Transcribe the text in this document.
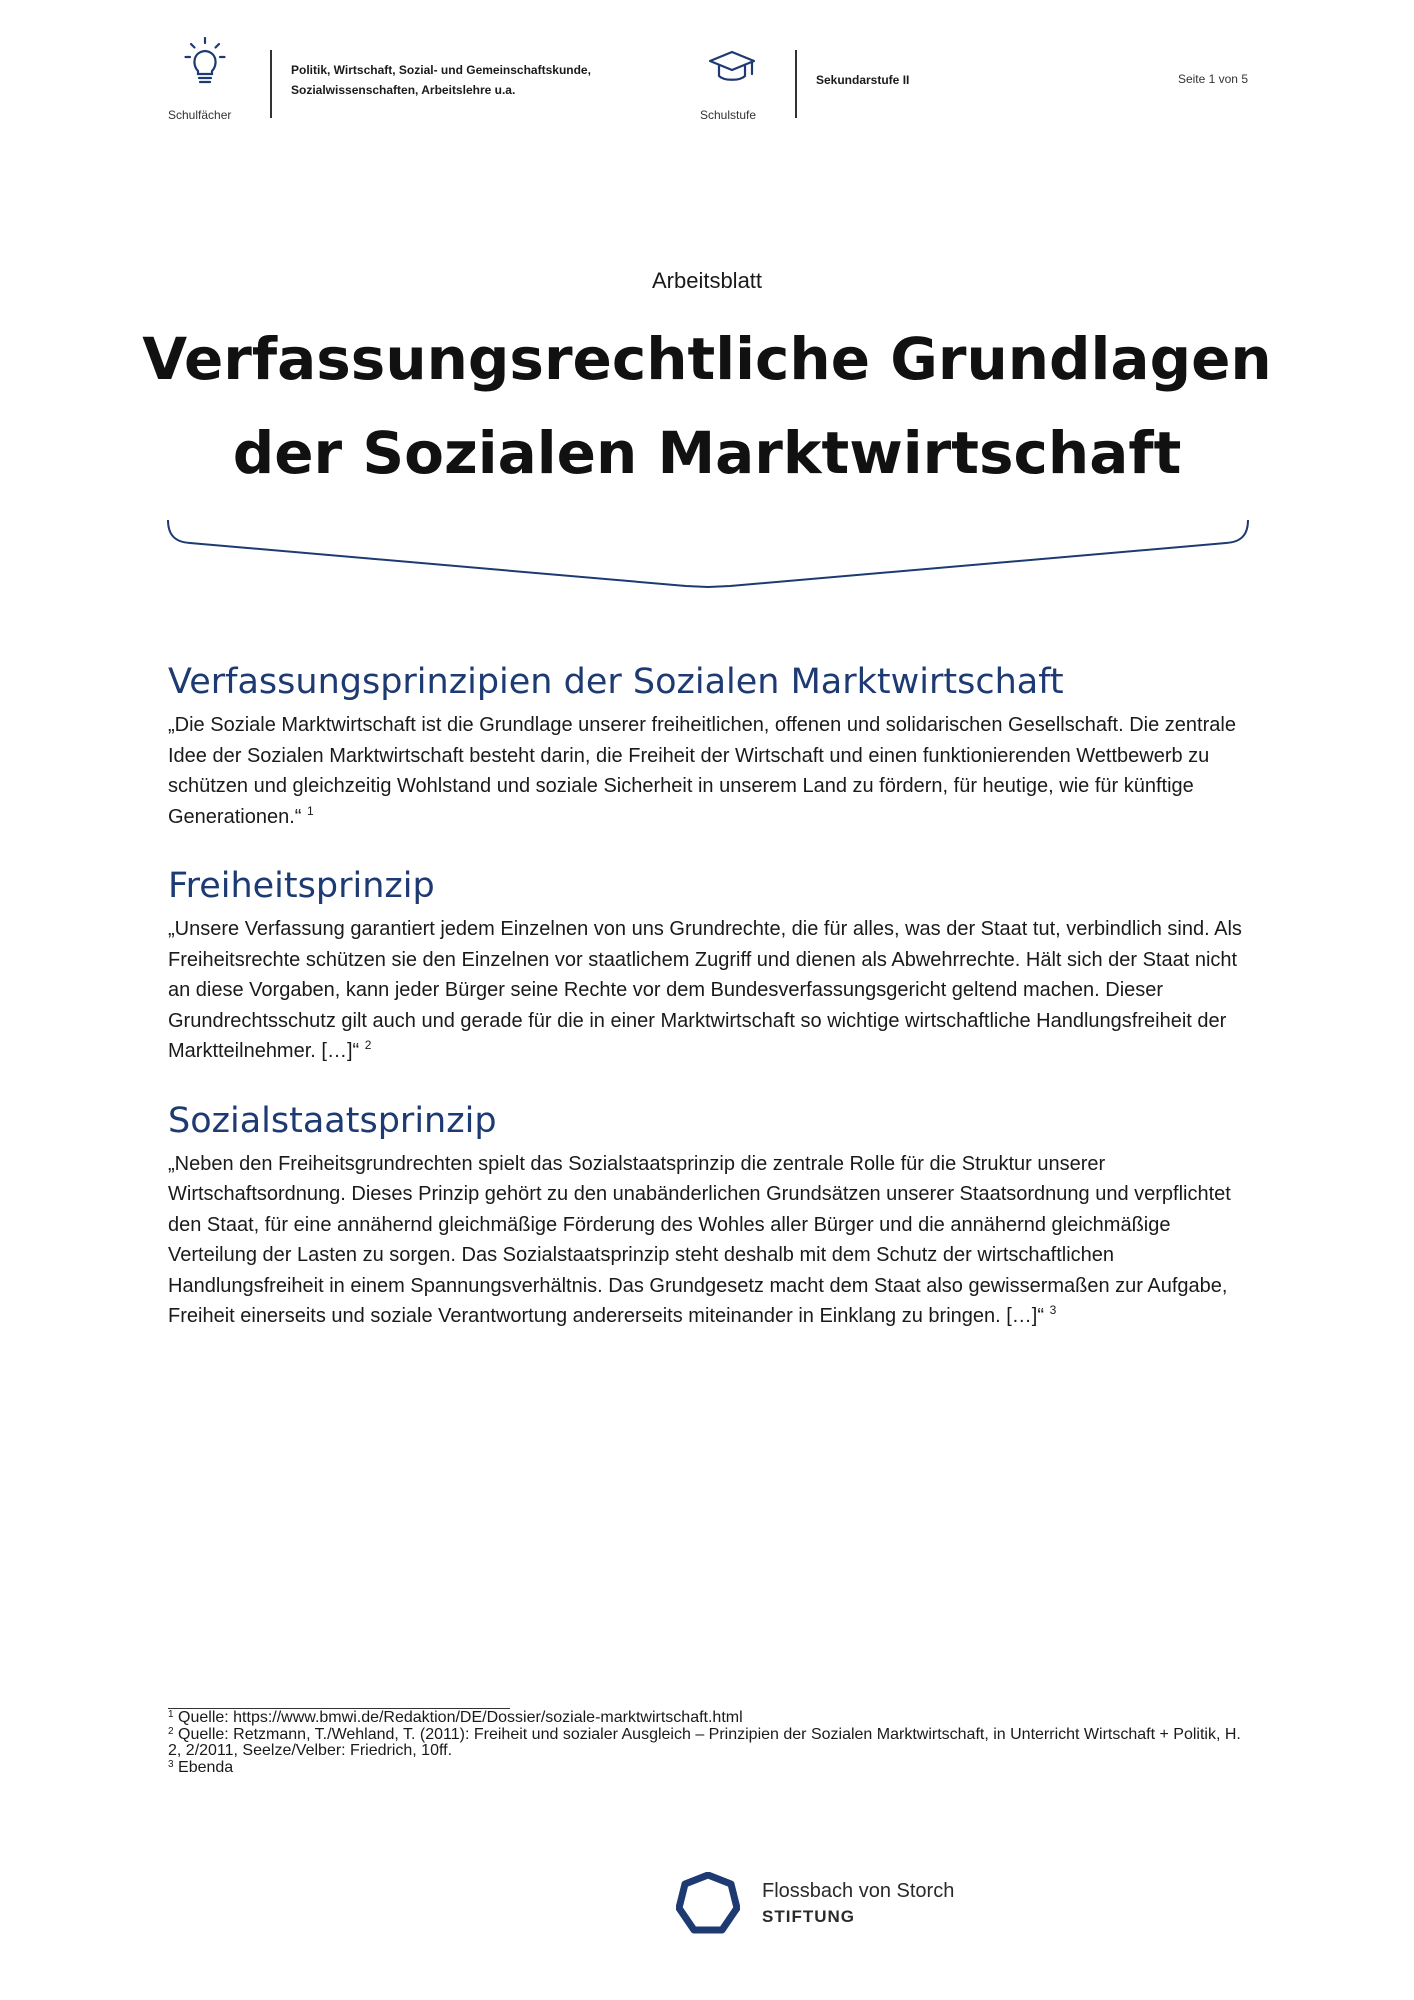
Schulfächer
Politik, Wirtschaft, Sozial- und Gemeinschaftskunde,
Sozialwissenschaften, Arbeitslehre u.a.
Schulstufe
Sekundarstufe II	Seite 1 von 5
Arbeitsblatt
Verfassungsrechtliche Grundlagen
der Sozialen Marktwirtschaft
Verfassungsprinzipien der Sozialen Marktwirtschaft

„Die Soziale Marktwirtschaft ist die Grundlage unserer freiheitlichen, offenen und solidarischen Gesellschaft. Die zentrale Idee der Sozialen Marktwirtschaft besteht darin, die Freiheit der Wirtschaft und einen funktionierenden Wettbewerb zu schützen und gleichzeitig Wohlstand und soziale Sicherheit in unserem Land zu fördern, für heutige, wie für künftige Generationen.“ $^1$

Freiheitsprinzip

„Unsere Verfassung garantiert jedem Einzelnen von uns Grundrechte, die für alles, was der Staat tut, verbindlich sind. Als Freiheitsrechte schützen sie den Einzelnen vor staatlichem Zugriff und dienen als Abwehrrechte. Hält sich der Staat nicht an diese Vorgaben, kann jeder Bürger seine Rechte vor dem Bundesverfassungsgericht geltend machen. Dieser Grundrechtsschutz gilt auch und gerade für die in einer Marktwirtschaft so wichtige wirtschaftliche Handlungsfreiheit der Marktteilnehmer. […]“ $^2$

Sozialstaatsprinzip

„Neben den Freiheitsgrundrechten spielt das Sozialstaatsprinzip die zentrale Rolle für die Struktur unserer Wirtschaftsordnung. Dieses Prinzip gehört zu den unabänderlichen Grundsätzen unserer Staatsordnung und verpflichtet den Staat, für eine annähernd gleichmäßige Förderung des Wohles aller Bürger und die annähernd gleichmäßige Verteilung der Lasten zu sorgen. Das Sozialstaatsprinzip steht deshalb mit dem Schutz der wirtschaftlichen Handlungsfreiheit in einem Spannungsverhältnis. Das Grundgesetz macht dem Staat also gewissermaßen zur Aufgabe, Freiheit einerseits und soziale Verantwortung andererseits miteinander in Einklang zu bringen. […]“ $^3$

$^1$ Quelle: https://www.bmwi.de/Redaktion/DE/Dossier/soziale-marktwirtschaft.html

$^2$ Quelle: Retzmann, T./Wehland, T. (2011): Freiheit und sozialer Ausgleich – Prinzipien der Sozialen Marktwirtschaft, in Unterricht Wirtschaft + Politik, H. 2, 2/2011, Seelze/Velber: Friedrich, 10ff.

$^3$ Ebenda

Flossbach von Storch
STIFTUNG
